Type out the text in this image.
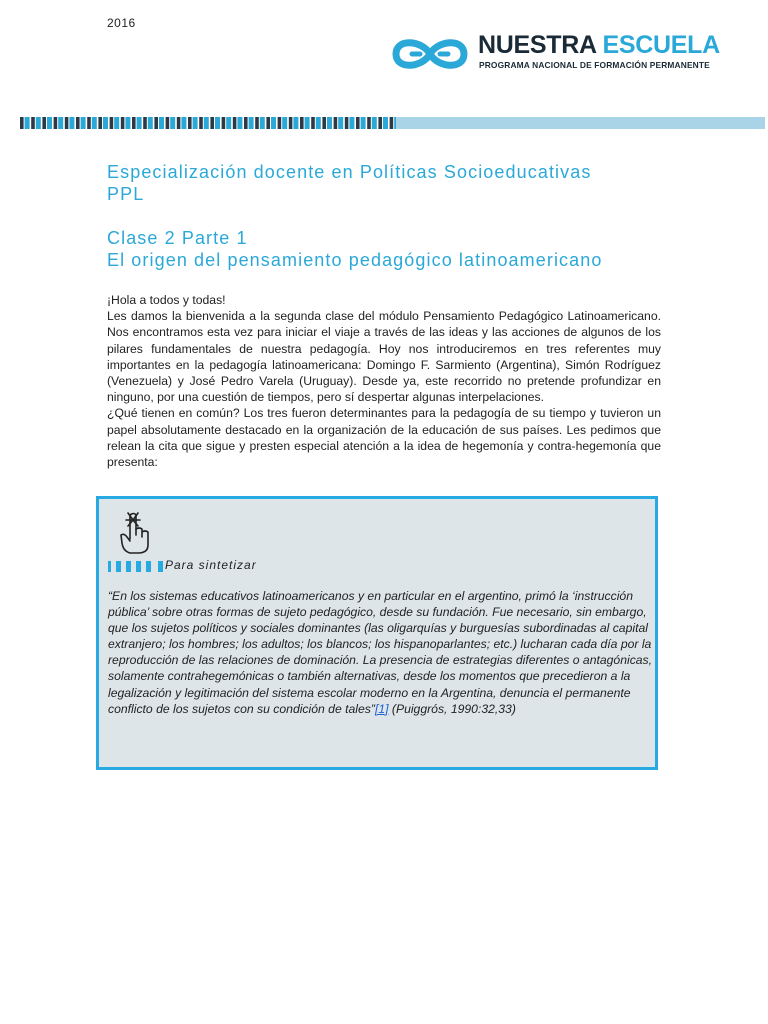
2016
NUESTRA ESCUELA
PROGRAMA NACIONAL DE FORMACIÓN PERMANENTE
Especialización docente en Políticas Socioeducativas
PPL
Clase 2 Parte 1
El origen del pensamiento pedagógico latinoamericano

¡Hola a todos y todas!

Les damos la bienvenida a la segunda clase del módulo Pensamiento Pedagógico Latinoamericano. Nos encontramos esta vez para iniciar el viaje a través de las ideas y las acciones de algunos de los pilares fundamentales de nuestra pedagogía. Hoy nos introduciremos en tres referentes muy importantes en la pedagogía latinoamericana: Domingo F. Sarmiento (Argentina), Simón Rodríguez (Venezuela) y José Pedro Varela (Uruguay). Desde ya, este recorrido no pretende profundizar en ninguno, por una cuestión de tiempos, pero sí despertar algunas interpelaciones.

¿Qué tienen en común? Los tres fueron determinantes para la pedagogía de su tiempo y tuvieron un papel absolutamente destacado en la organización de la educación de sus países. Les pedimos que relean la cita que sigue y presten especial atención a la idea de hegemonía y contra-hegemonía que presenta:

Para sintetizar
“En los sistemas educativos latinoamericanos y en particular en el argentino, primó la ‘instrucción pública’ sobre otras formas de sujeto pedagógico, desde su fundación. Fue necesario, sin embargo, que los sujetos políticos y sociales dominantes (las oligarquías y burguesías subordinadas al capital extranjero; los hombres; los adultos; los blancos; los hispanoparlantes; etc.) lucharan cada día por la reproducción de las relaciones de dominación. La presencia de estrategias diferentes o antagónicas, solamente contrahegemónicas o también alternativas, desde los momentos que precedieron a la legalización y legitimación del sistema escolar moderno en la Argentina, denuncia el permanente conflicto de los sujetos con su condición de tales”[1] (Puiggrós, 1990:32,33)
